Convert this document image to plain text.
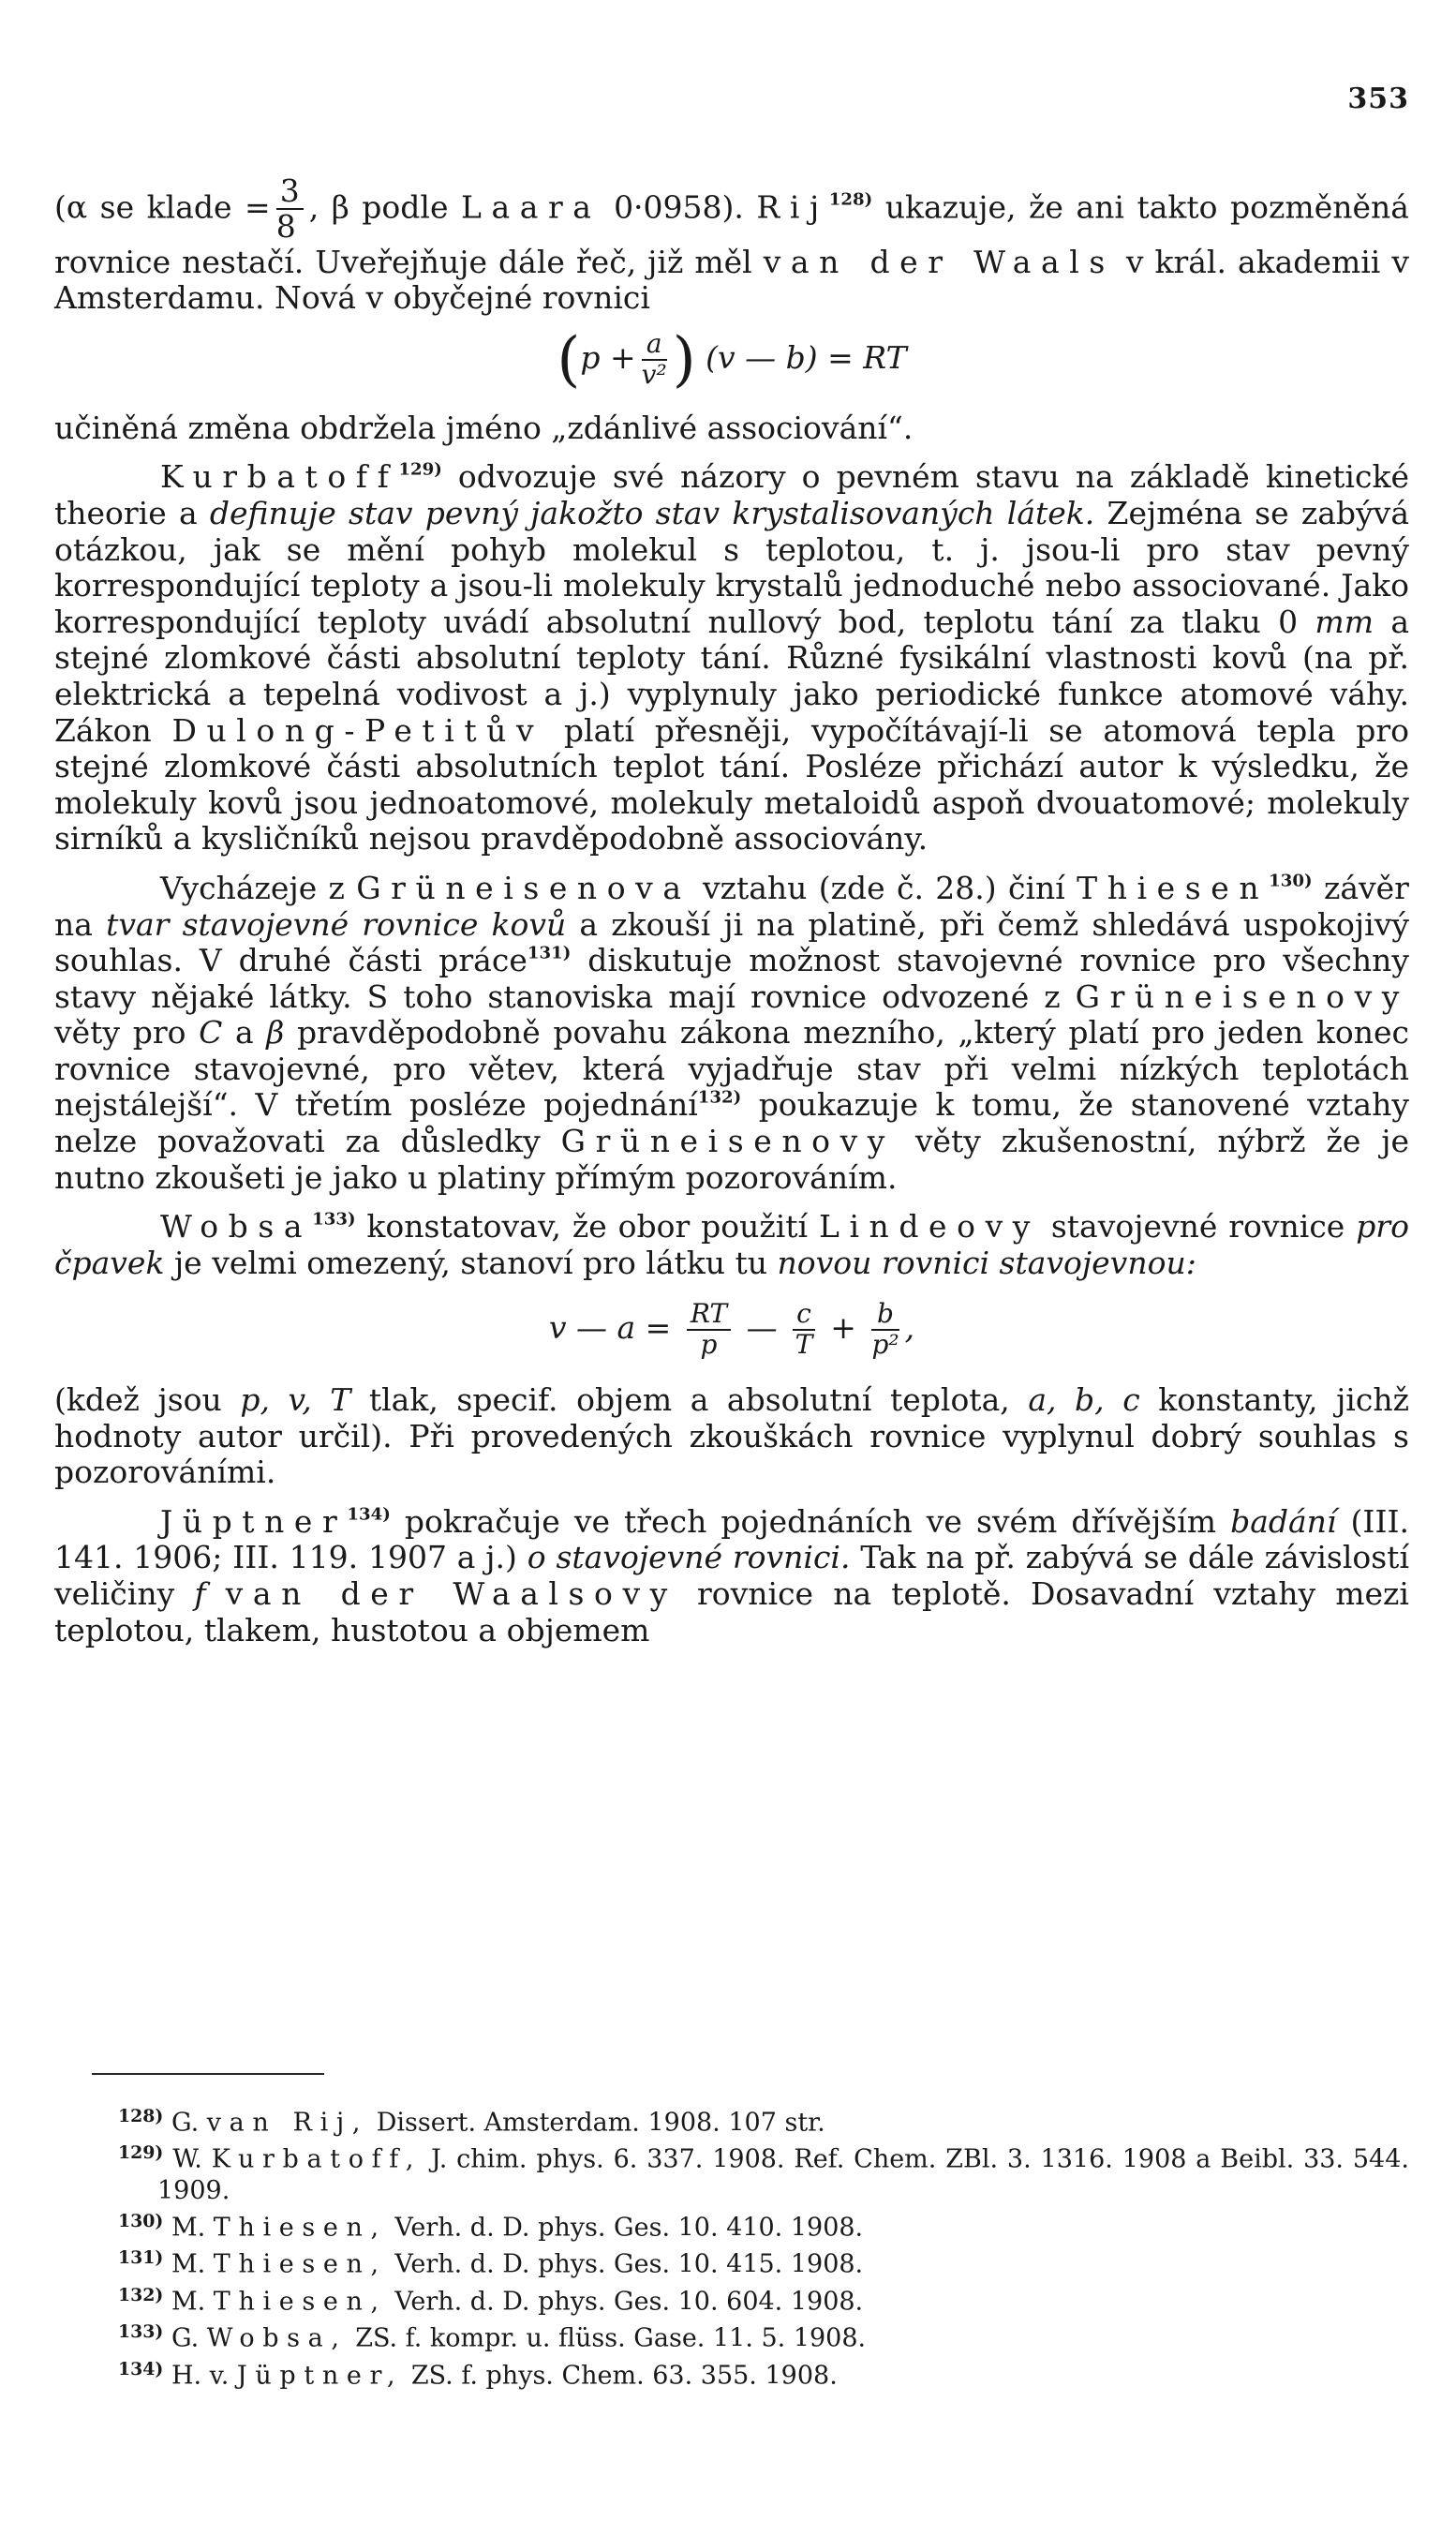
353

(α se klade = $\frac{3}{8}$ , β podle Laara 0·0958). Rij$^{128)}$ ukazuje, že ani takto pozměněná rovnice nestačí. Uveřejňuje dále řeč, již měl van der Waals v král. akademii v Amsterdamu. Nová v obyčejné rovnici

($p + \frac{a}{\text{v²}}$ ) (v — b) = RT

učiněná změna obdržela jméno „zdánlivé associování“.

Kurbatoff$^{129)}$ odvozuje své názory o pevném stavu na základě kinetické theorie a definuje stav pevný jakožto stav krystalisovaných látek. Zejména se zabývá otázkou, jak se mění pohyb molekul s teplotou, t. j. jsou-li pro stav pevný korrespondující teploty a jsou-li molekuly krystalů jednoduché nebo associované. Jako korrespondující teploty uvádí absolutní nullový bod, teplotu tání za tlaku 0 mm a stejné zlomkové části absolutní teploty tání. Různé fysikální vlastnosti kovů (na př. elektrická a tepelná vodivost a j.) vyplynuly jako periodické funkce atomové váhy. Zákon Dulong-Petitův platí přesněji, vypočítávají-li se atomová tepla pro stejné zlomkové části absolutních teplot tání. Posléze přichází autor k výsledku, že molekuly kovů jsou jednoatomové, molekuly metaloidů aspoň dvouatomové; molekuly sirníků a kysličníků nejsou pravděpodobně associovány.

Vycházeje z Grüneisenova vztahu (zde č. 28.) činí Thiesen$^{130)}$ závěr na tvar stavojevné rovnice kovů a zkouší ji na platině, při čemž shledává uspokojivý souhlas. V druhé části práce$^{131)}$ diskutuje možnost stavojevné rovnice pro všechny stavy nějaké látky. S toho stanoviska mají rovnice odvozené z Grüneisenovy věty pro C a β pravděpodobně povahu zákona mezního, „který platí pro jeden konec rovnice stavojevné, pro větev, která vyjadřuje stav při velmi nízkých teplotách nejstálejší“. V třetím posléze pojednání$^{132)}$ poukazuje k tomu, že stanovené vztahy nelze považovati za důsledky Grüneisenovy věty zkušenostní, nýbrž že je nutno zkoušeti je jako u platiny přímým pozorováním.

Wobsa$^{133)}$ konstatovav, že obor použití Lindeovy stavojevné rovnice pro čpavek je velmi omezený, stanoví pro látku tu novou rovnici stavojevnou:

v — $a = \frac{RT}{p}$ — $\frac{c}{T} + \frac{b}{\text{p²}}$ ,

(kdež jsou p, v, T tlak, specif. objem a absolutní teplota, a, b, c konstanty, jichž hodnoty autor určil). Při provedených zkouškách rovnice vyplynul dobrý souhlas s pozorováními.

Jüptner$^{134)}$ pokračuje ve třech pojednáních ve svém dřívějším badání (III. 141. 1906; III. 119. 1907 a j.) o stavojevné rovnici. Tak na př. zabývá se dále závislostí veličiny f van der Waalsovy rovnice na teplotě. Dosavadní vztahy mezi teplotou, tlakem, hustotou a objemem

$^{128)}$ G. van Rij, Dissert. Amsterdam. 1908. 107 str.

$^{129)}$ W. Kurbatoff, J. chim. phys. 6. 337. 1908. Ref. Chem. ZBl. 3. 1316. 1908 a Beibl. 33. 544. 1909.

$^{130)}$ M. Thiesen, Verh. d. D. phys. Ges. 10. 410. 1908.

$^{131)}$ M. Thiesen, Verh. d. D. phys. Ges. 10. 415. 1908.

$^{132)}$ M. Thiesen, Verh. d. D. phys. Ges. 10. 604. 1908.

$^{133)}$ G. Wobsa, ZS. f. kompr. u. flüss. Gase. 11. 5. 1908.

$^{134)}$ H. v. Jüptner, ZS. f. phys. Chem. 63. 355. 1908.
